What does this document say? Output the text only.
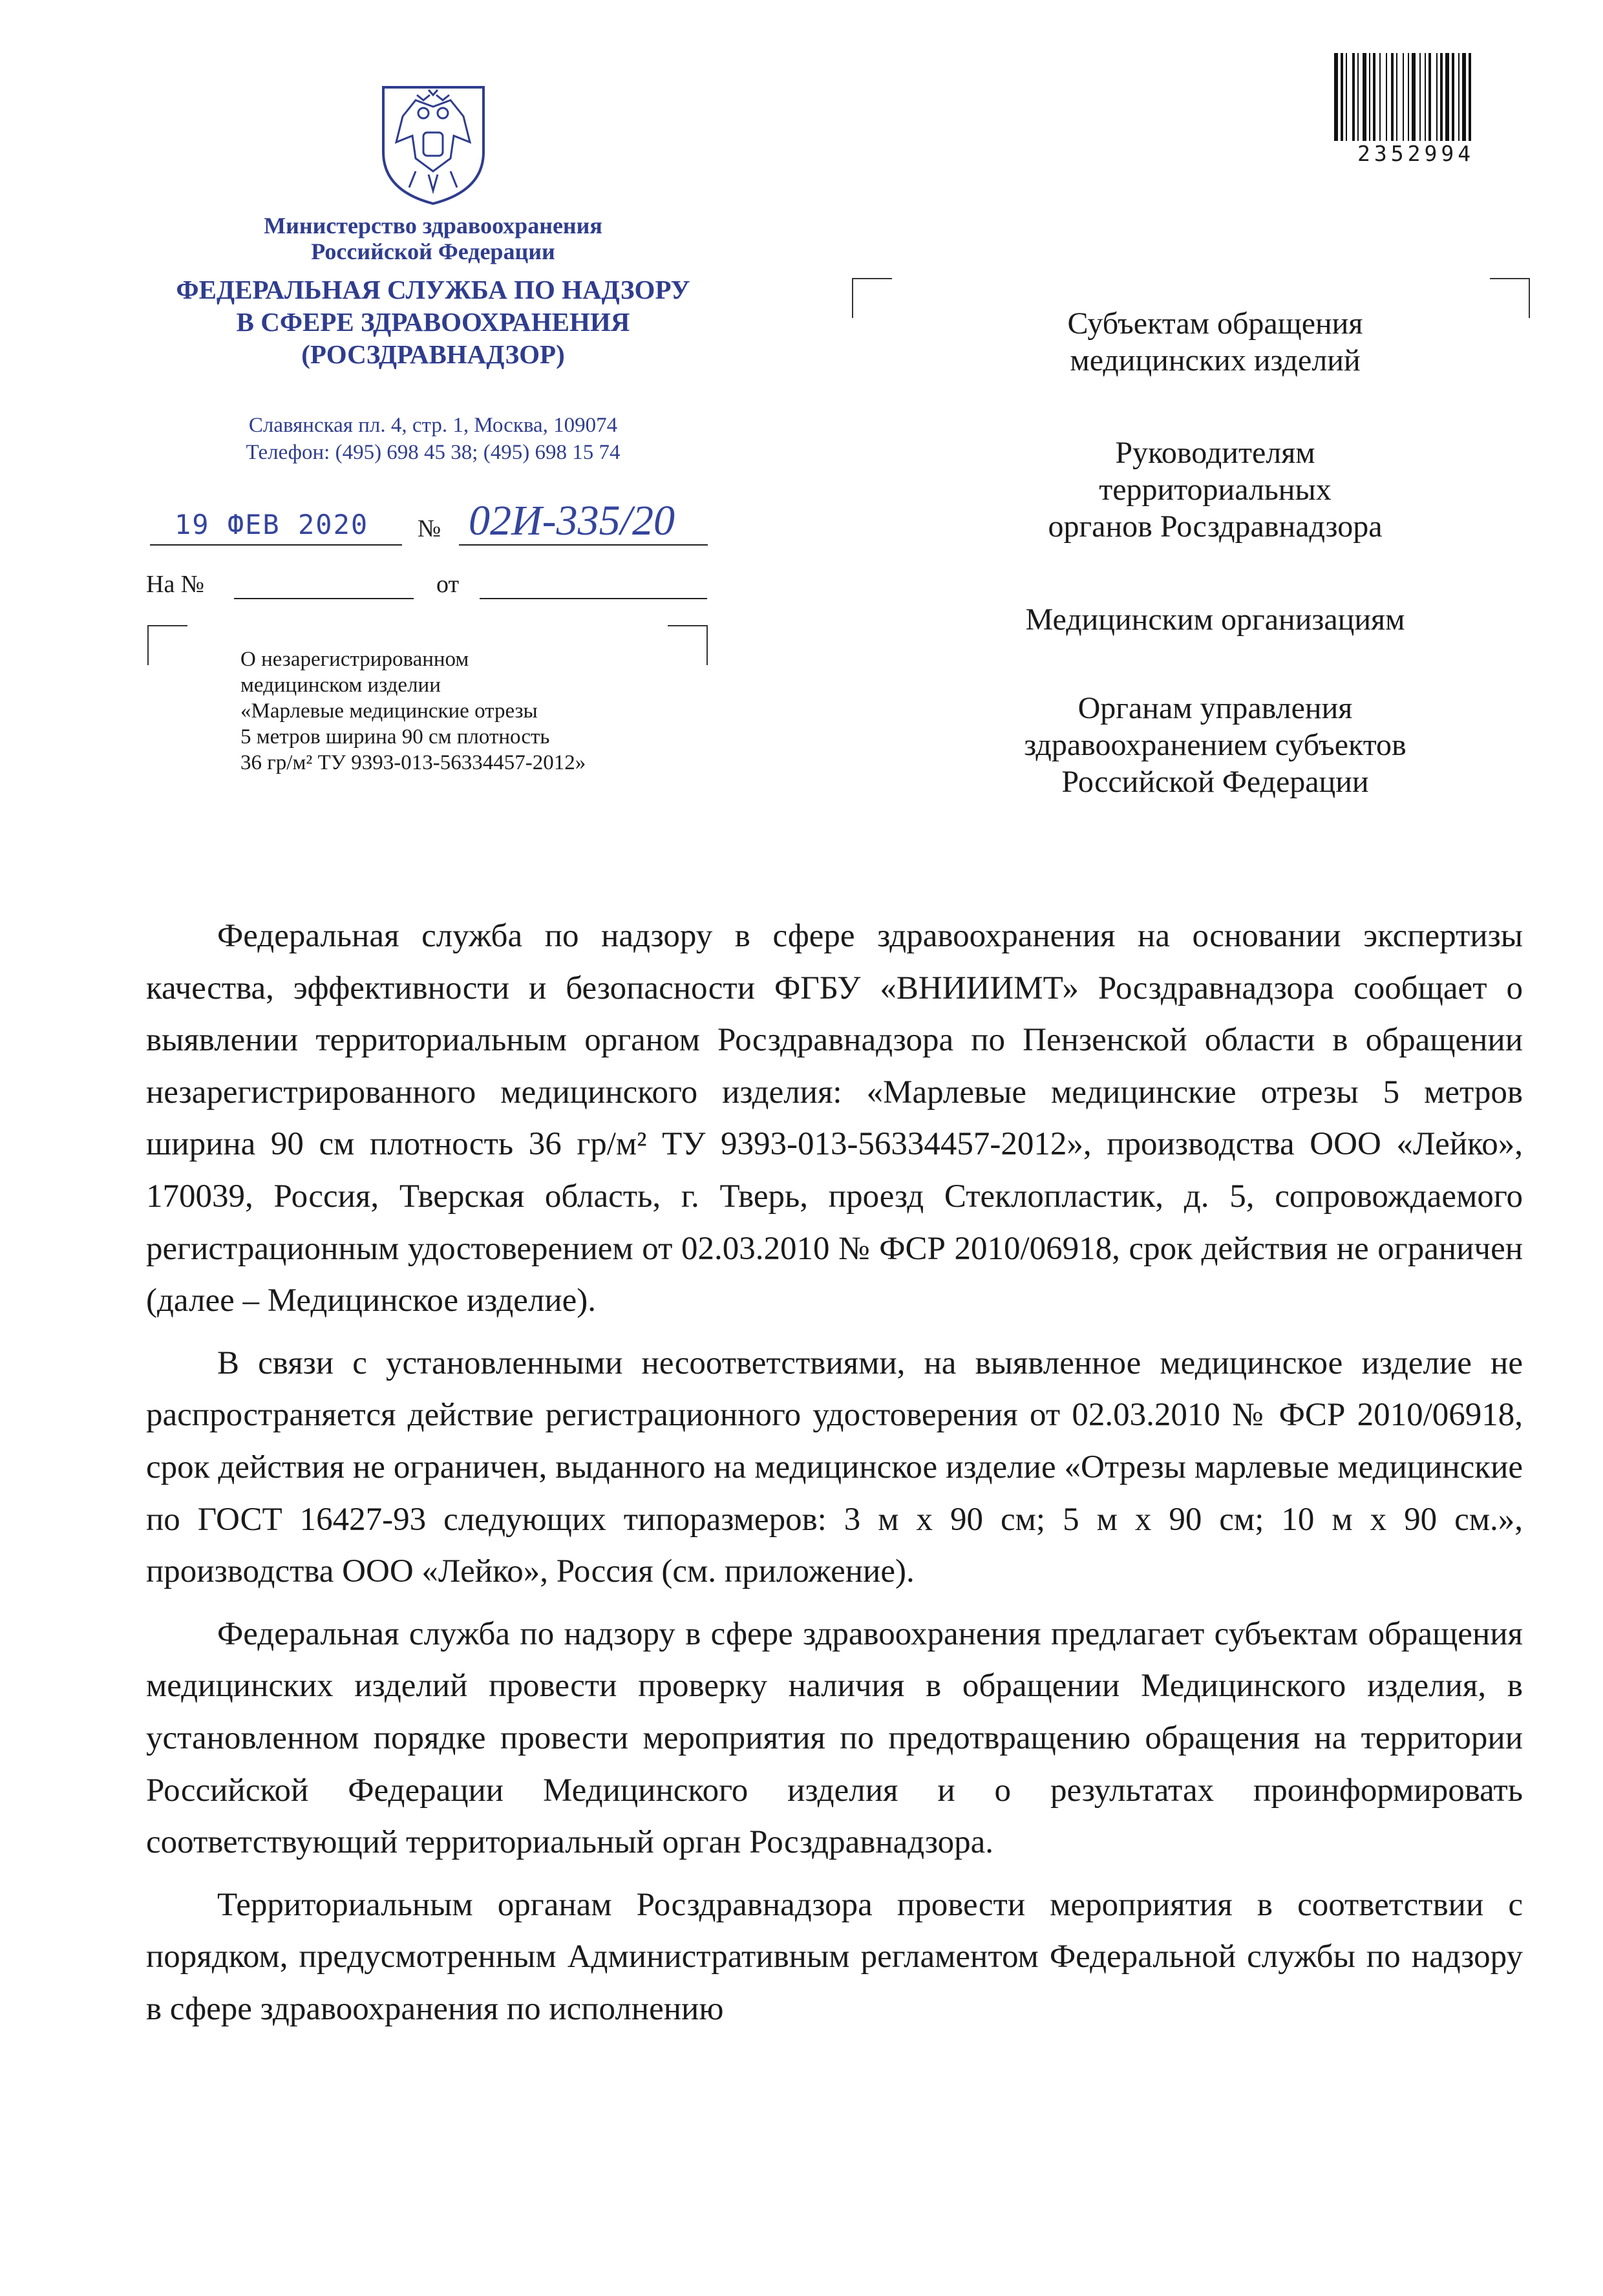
Министерство здравоохранения
Российской Федерации
ФЕДЕРАЛЬНАЯ СЛУЖБА ПО НАДЗОРУ
В СФЕРЕ ЗДРАВООХРАНЕНИЯ
(РОСЗДРАВНАДЗОР)
Славянская пл. 4, стр. 1, Москва, 109074
Телефон: (495) 698 45 38; (495) 698 15 74
19 ФЕВ 2020 № 02И-335/20
На №	от
О незарегистрированном
медицинском изделии
«Марлевые медицинские отрезы
5 метров ширина 90 см плотность
36 гр/м² ТУ 9393-013-56334457-2012»
2352994
Субъектам обращения
медицинских изделий
Руководителям
территориальных
органов Росздравнадзора
Медицинским организациям
Органам управления
здравоохранением субъектов
Российской Федерации

Федеральная служба по надзору в сфере здравоохранения на основании экспертизы качества, эффективности и безопасности ФГБУ «ВНИИИМТ» Росздравнадзора сообщает о выявлении территориальным органом Росздравнадзора по Пензенской области в обращении незарегистрированного медицинского изделия: «Марлевые медицинские отрезы 5 метров ширина 90 см плотность 36 гр/м² ТУ 9393-013-56334457-2012», производства ООО «Лейко», 170039, Россия, Тверская область, г. Тверь, проезд Стеклопластик, д. 5, сопровождаемого регистрационным удостоверением от 02.03.2010 № ФСР 2010/06918, срок действия не ограничен (далее – Медицинское изделие).

В связи с установленными несоответствиями, на выявленное медицинское изделие не распространяется действие регистрационного удостоверения от 02.03.2010 № ФСР 2010/06918, срок действия не ограничен, выданного на медицинское изделие «Отрезы марлевые медицинские по ГОСТ 16427-93 следующих типоразмеров: 3 м х 90 см; 5 м х 90 см; 10 м х 90 см.», производства ООО «Лейко», Россия (см. приложение).

Федеральная служба по надзору в сфере здравоохранения предлагает субъектам обращения медицинских изделий провести проверку наличия в обращении Медицинского изделия, в установленном порядке провести мероприятия по предотвращению обращения на территории Российской Федерации Медицинского изделия и о результатах проинформировать соответствующий территориальный орган Росздравнадзора.

Территориальным органам Росздравнадзора провести мероприятия в соответствии с порядком, предусмотренным Административным регламентом Федеральной службы по надзору в сфере здравоохранения по исполнению
